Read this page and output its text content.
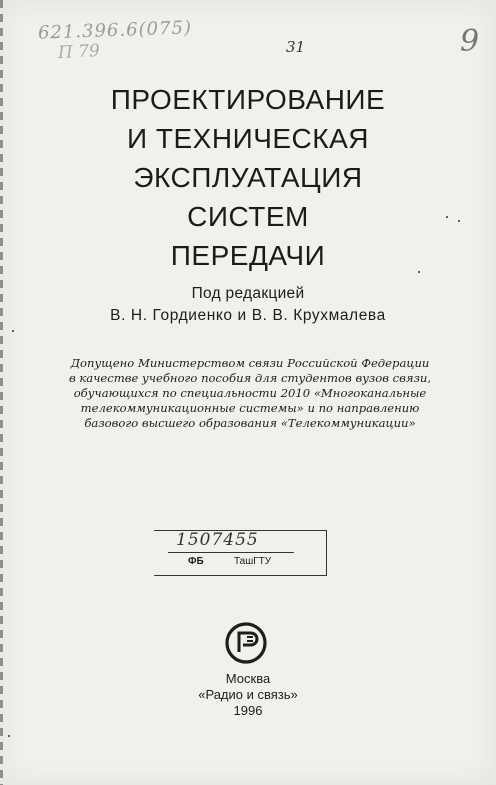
621.396.6(075)
П 79	31	9
ПРОЕКТИРОВАНИЕ
И ТЕХНИЧЕСКАЯ
ЭКСПЛУАТАЦИЯ
СИСТЕМ
ПЕРЕДАЧИ
Под редакцией
В. Н. Гордиенко и В. В. Крухмалева
Допущено Министерством связи Российской Федерации
в качестве учебного пособия для студентов вузов связи,
обучающихся по специальности 2010 «Многоканальные
телекоммуникационные системы» и по направлению
базового высшего образования «Телекоммуникации»
1507455
ФБ	ТашГТУ
Москва
«Радио и связь»
1996
